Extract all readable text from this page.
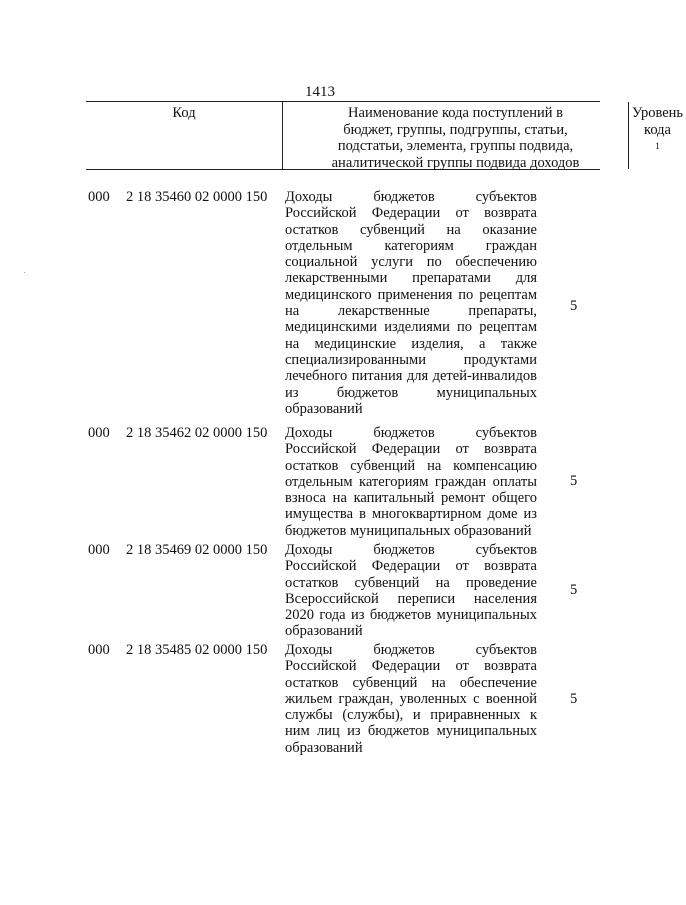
1413
Код	Наименование кода поступлений в
бюджет, группы, подгруппы, статьи,
подстатьи, элемента, группы подвида,
аналитической группы подвида доходов
Уровень
кода
$^1$
000 2 18 35460 02 0000 150 Доходы бюджетов субъектов
Российской Федерации от возврата
остатков субвенций на оказание
отдельным категориям граждан
социальной услуги по обеспечению
лекарственными препаратами для
медицинского применения по рецептам
на лекарственные препараты,
медицинскими изделиями по рецептам
на медицинские изделия, а также
специализированными продуктами
лечебного питания для детей-инвалидов
из бюджетов муниципальных
образований
5
000 2 18 35462 02 0000 150 Доходы бюджетов субъектов
Российской Федерации от возврата
остатков субвенций на компенсацию
отдельным категориям граждан оплаты
взноса на капитальный ремонт общего
имущества в многоквартирном доме из
бюджетов муниципальных образований
5
000 2 18 35469 02 0000 150 Доходы бюджетов субъектов
Российской Федерации от возврата
остатков субвенций на проведение
Всероссийской переписи населения
2020 года из бюджетов муниципальных
образований
5
000 2 18 35485 02 0000 150 Доходы бюджетов субъектов
Российской Федерации от возврата
остатков субвенций на обеспечение
жильем граждан, уволенных с военной
службы (службы), и приравненных к
ним лиц из бюджетов муниципальных
образований
5
